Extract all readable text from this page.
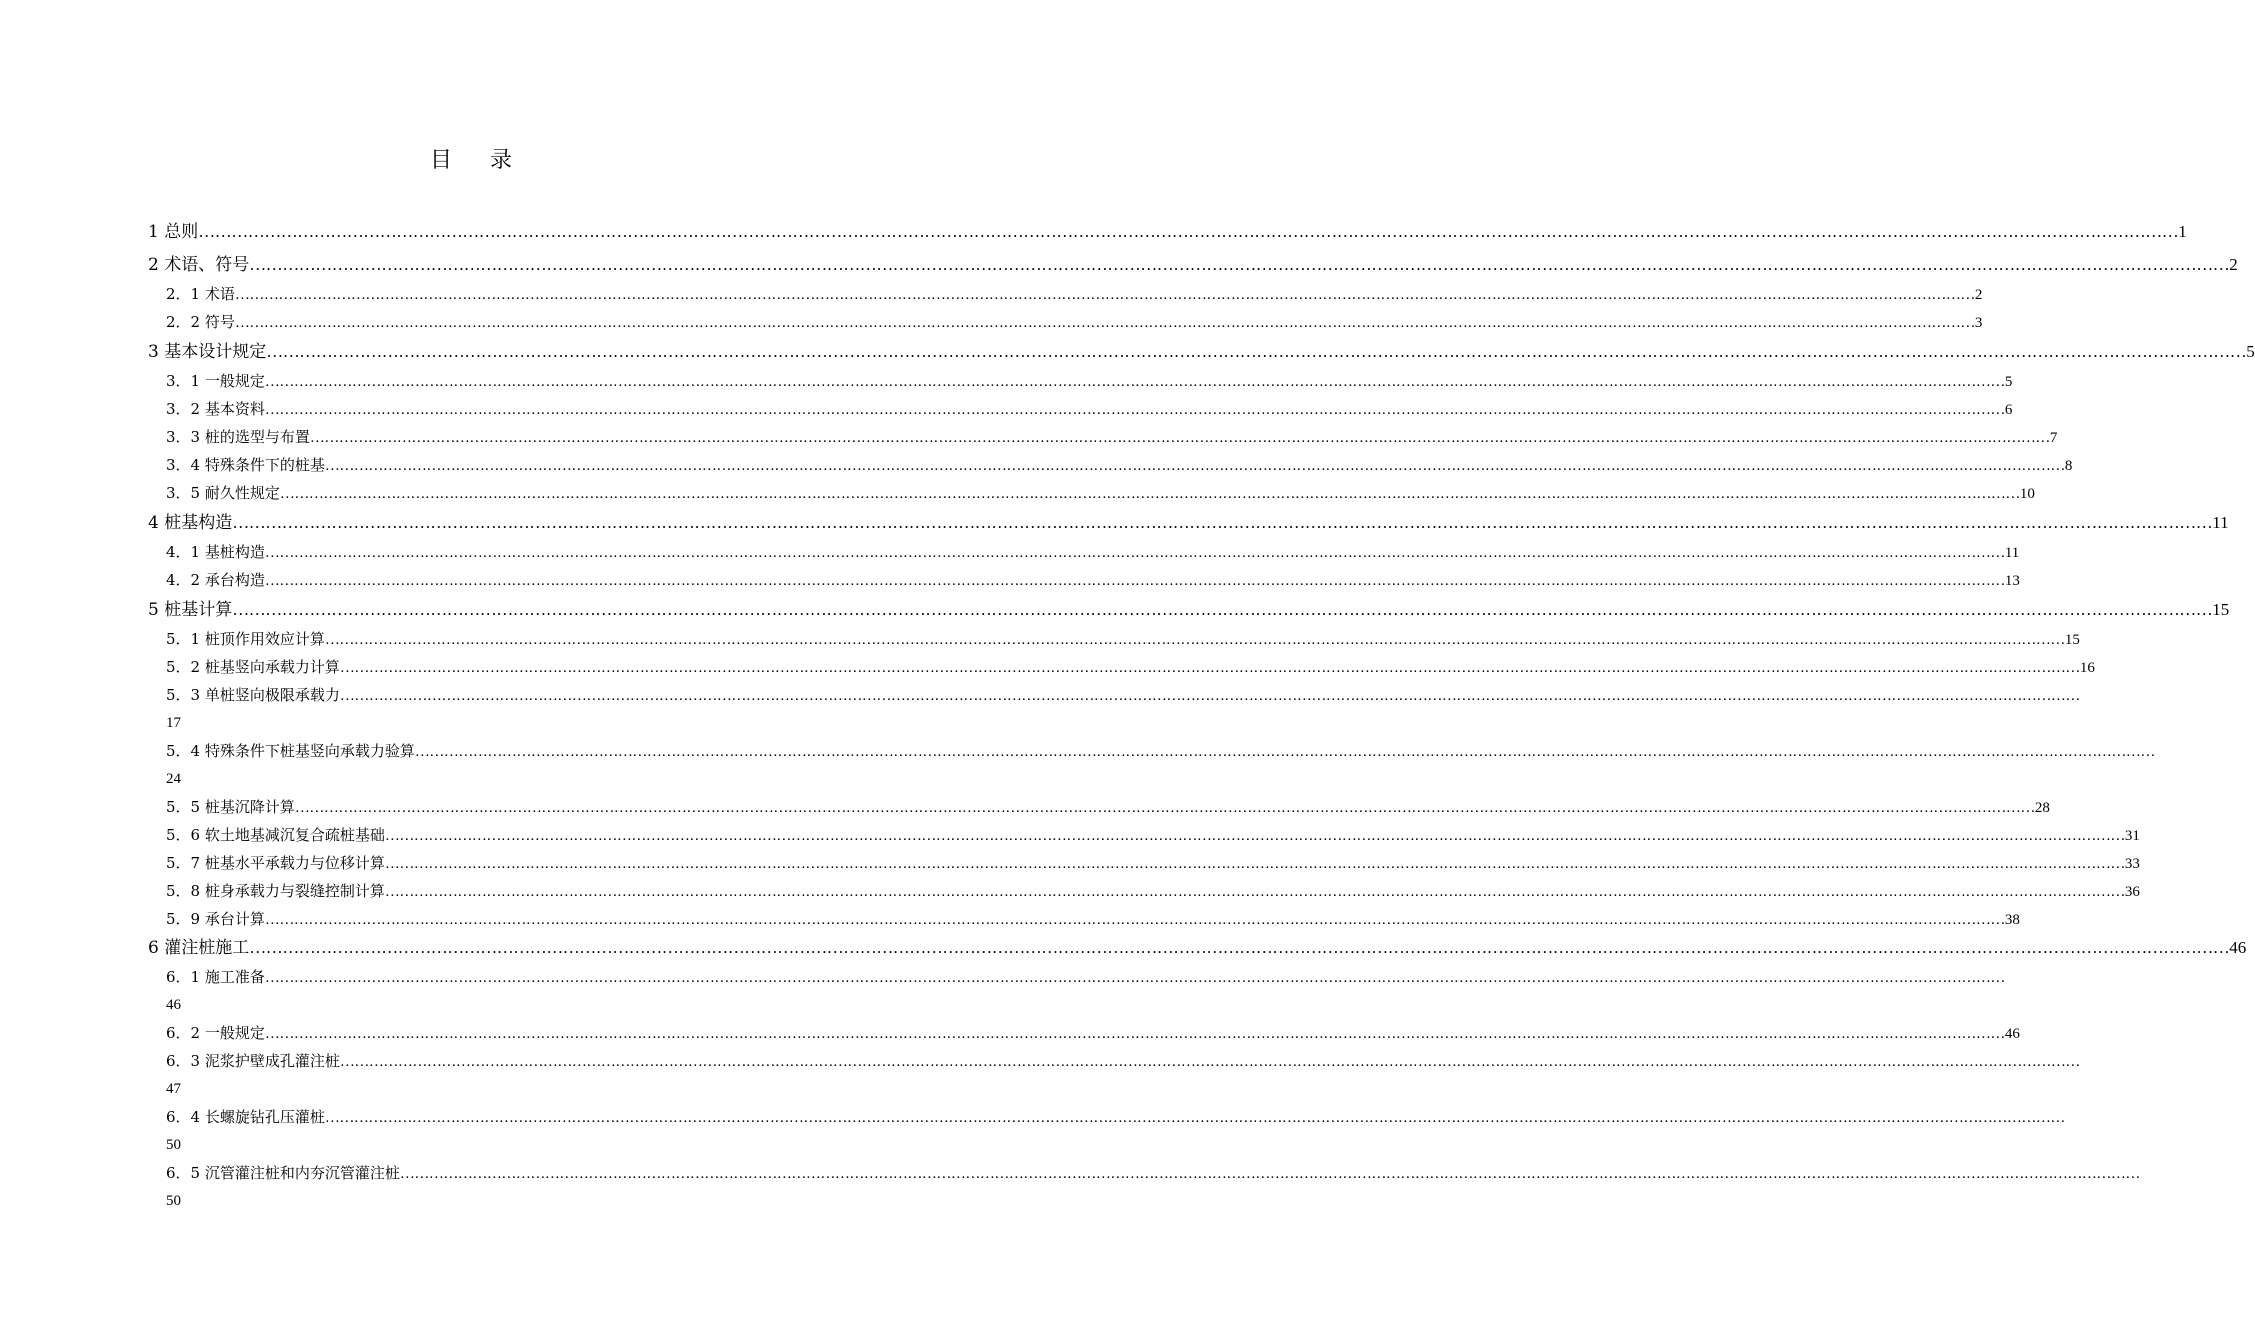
目　录
1 总则 ……………………………………………………………………………………………………………………………………………………………………………………………………………………………………………………………………………………………………………………………… 1
2 术语、符号 ……………………………………………………………………………………………………………………………………………………………………………………………………………………………………………………………………………………………………………………………… 2
2．1 术语 ……………………………………………………………………………………………………………………………………………………………………………………………………………………………………………………………………………………………………………………………… 2
2．2 符号 ……………………………………………………………………………………………………………………………………………………………………………………………………………………………………………………………………………………………………………………………… 3
3 基本设计规定 ……………………………………………………………………………………………………………………………………………………………………………………………………………………………………………………………………………………………………………………………… 5
3．1 一般规定 ……………………………………………………………………………………………………………………………………………………………………………………………………………………………………………………………………………………………………………………………… 5
3．2 基本资料 ……………………………………………………………………………………………………………………………………………………………………………………………………………………………………………………………………………………………………………………………… 6
3．3 桩的选型与布置 ……………………………………………………………………………………………………………………………………………………………………………………………………………………………………………………………………………………………………………………………… 7
3．4 特殊条件下的桩基 ……………………………………………………………………………………………………………………………………………………………………………………………………………………………………………………………………………………………………………………………… 8
3．5 耐久性规定 ……………………………………………………………………………………………………………………………………………………………………………………………………………………………………………………………………………………………………………………………… 10
4 桩基构造 ……………………………………………………………………………………………………………………………………………………………………………………………………………………………………………………………………………………………………………………………… 11
4．1 基桩构造 ……………………………………………………………………………………………………………………………………………………………………………………………………………………………………………………………………………………………………………………………… 11
4．2 承台构造 ……………………………………………………………………………………………………………………………………………………………………………………………………………………………………………………………………………………………………………………………… 13
5 桩基计算 ……………………………………………………………………………………………………………………………………………………………………………………………………………………………………………………………………………………………………………………………… 15
5．1 桩顶作用效应计算 ……………………………………………………………………………………………………………………………………………………………………………………………………………………………………………………………………………………………………………………………… 15
5．2 桩基竖向承载力计算 ……………………………………………………………………………………………………………………………………………………………………………………………………………………………………………………………………………………………………………………………… 16
17
5．3 单桩竖向极限承载力 ………………………………………………………………………………………………………………………………………………………………………………………………………………………………………………………………………………………………………………………………
24
5．4 特殊条件下桩基竖向承载力验算 ………………………………………………………………………………………………………………………………………………………………………………………………………………………………………………………………………………………………………………………………
5．5 桩基沉降计算 ……………………………………………………………………………………………………………………………………………………………………………………………………………………………………………………………………………………………………………………………… 28
5．6 软土地基减沉复合疏桩基础 ……………………………………………………………………………………………………………………………………………………………………………………………………………………………………………………………………………………………………………………………… 31
5．7 桩基水平承载力与位移计算 ……………………………………………………………………………………………………………………………………………………………………………………………………………………………………………………………………………………………………………………………… 33
5．8 桩身承载力与裂缝控制计算 ……………………………………………………………………………………………………………………………………………………………………………………………………………………………………………………………………………………………………………………………… 36
5．9 承台计算 ……………………………………………………………………………………………………………………………………………………………………………………………………………………………………………………………………………………………………………………………… 38
6 灌注桩施工 ……………………………………………………………………………………………………………………………………………………………………………………………………………………………………………………………………………………………………………………………… 46
46
6．1 施工准备 ………………………………………………………………………………………………………………………………………………………………………………………………………………………………………………………………………………………………………………………………
6．2 一般规定 ……………………………………………………………………………………………………………………………………………………………………………………………………………………………………………………………………………………………………………………………… 46
47
6．3 泥浆护壁成孔灌注桩 ………………………………………………………………………………………………………………………………………………………………………………………………………………………………………………………………………………………………………………………………
50
6．4 长螺旋钻孔压灌桩 ………………………………………………………………………………………………………………………………………………………………………………………………………………………………………………………………………………………………………………………………
50
6．5 沉管灌注桩和内夯沉管灌注桩 ………………………………………………………………………………………………………………………………………………………………………………………………………………………………………………………………………………………………………………………………
